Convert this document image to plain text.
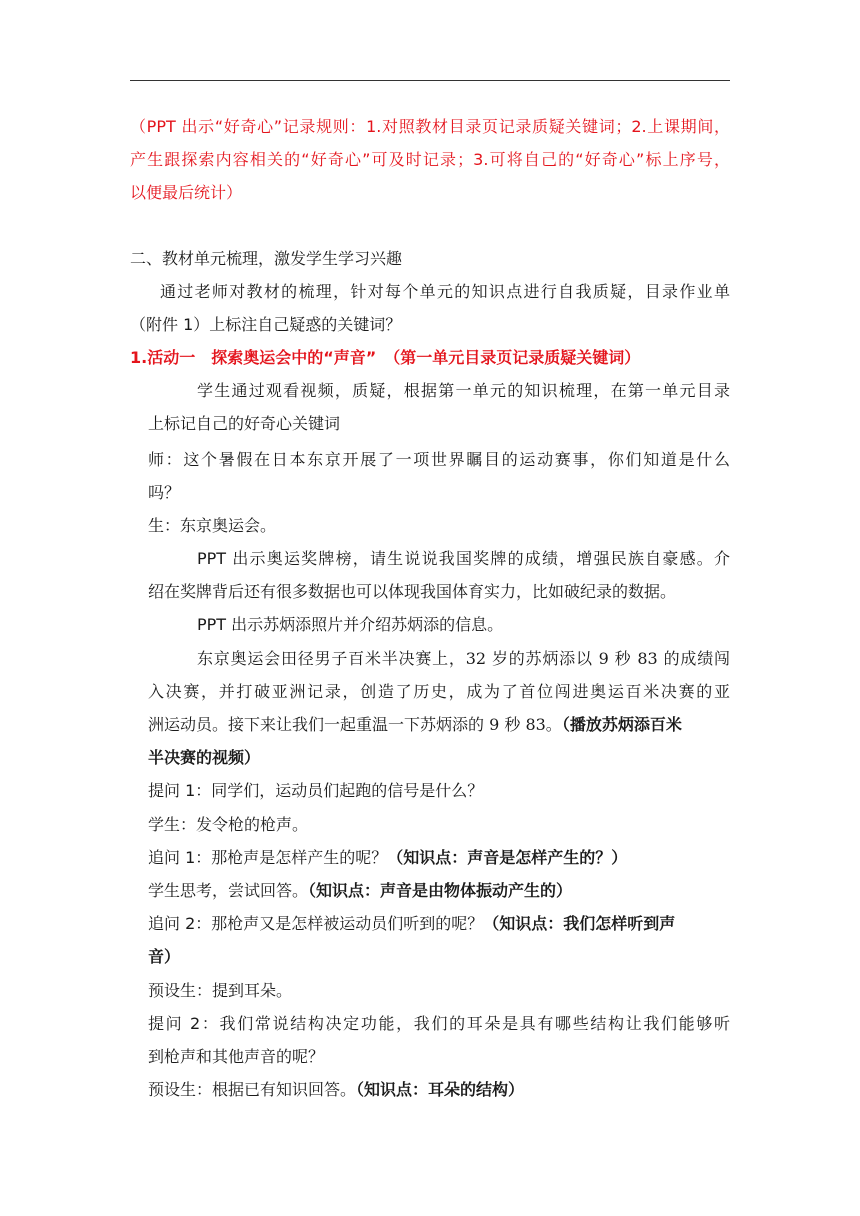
（PPT 出示“好奇心”记录规则：1.对照教材目录页记录质疑关键词；2.上课期间，
产生跟探索内容相关的“好奇心”可及时记录；3.可将自己的“好奇心”标上序号，
以便最后统计）
二、教材单元梳理，激发学生学习兴趣
通过老师对教材的梳理，针对每个单元的知识点进行自我质疑，目录作业单
（附件 1）上标注自己疑惑的关键词？
1.活动一　探索奥运会中的“声音”　（第一单元目录页记录质疑关键词）
学生通过观看视频，质疑，根据第一单元的知识梳理，在第一单元目录
上标记自己的好奇心关键词
师：这个暑假在日本东京开展了一项世界瞩目的运动赛事，你们知道是什么
吗？
生：东京奥运会。
PPT 出示奥运奖牌榜，请生说说我国奖牌的成绩，增强民族自豪感。介
绍在奖牌背后还有很多数据也可以体现我国体育实力，比如破纪录的数据。
PPT 出示苏炳添照片并介绍苏炳添的信息。
东京奥运会田径男子百米半决赛上，32 岁的苏炳添以 9 秒 83 的成绩闯
入决赛，并打破亚洲记录，创造了历史，成为了首位闯进奥运百米决赛的亚
洲运动员。接下来让我们一起重温一下苏炳添的 9 秒 83。（播放苏炳添百米
半决赛的视频）
提问 1：同学们，运动员们起跑的信号是什么？
学生：发令枪的枪声。
追问 1：那枪声是怎样产生的呢？（知识点：声音是怎样产生的？）
学生思考，尝试回答。（知识点：声音是由物体振动产生的）
追问 2：那枪声又是怎样被运动员们听到的呢？（知识点：我们怎样听到声
音）
预设生：提到耳朵。
提问 2：我们常说结构决定功能，我们的耳朵是具有哪些结构让我们能够听
到枪声和其他声音的呢？
预设生：根据已有知识回答。（知识点：耳朵的结构）
